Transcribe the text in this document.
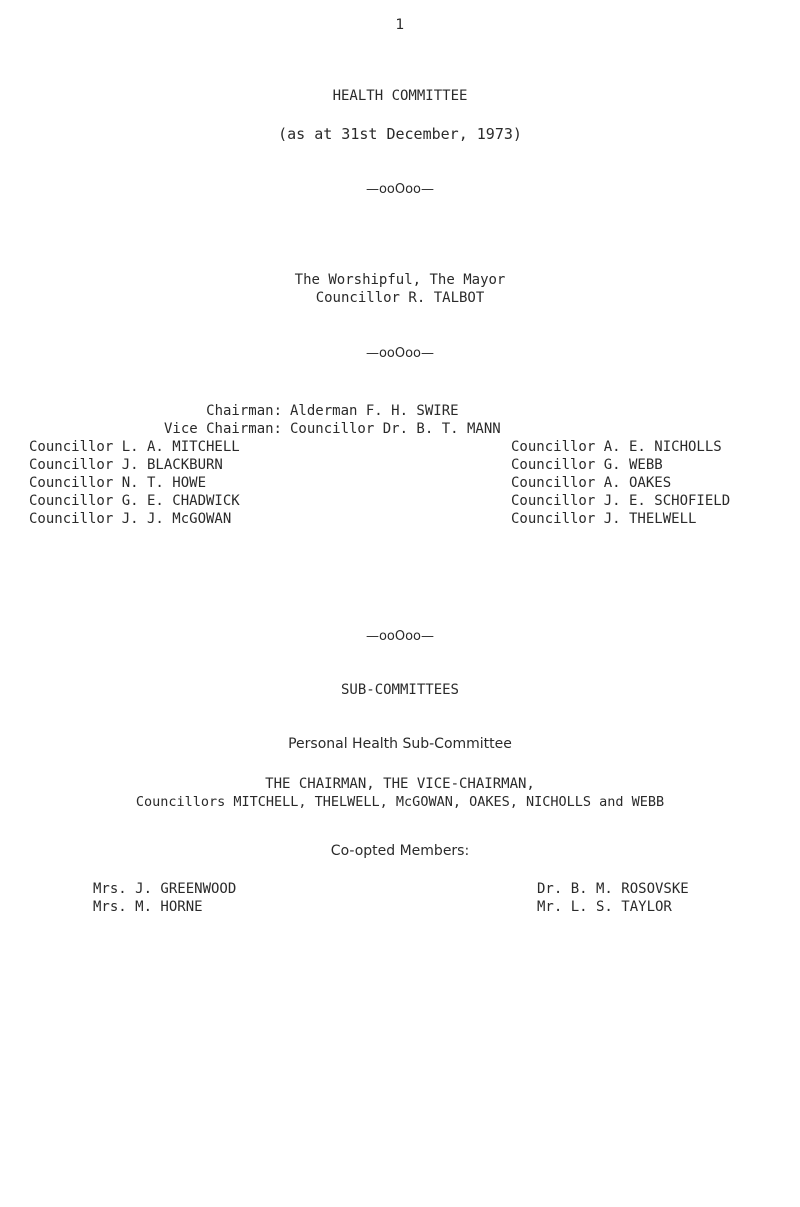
1
HEALTH COMMITTEE
(as at 31st December, 1973)
—ooOoo—
The Worshipful, The Mayor
Councillor R. TALBOT
—ooOoo—
Chairman: Alderman F. H. SWIRE
Vice Chairman: Councillor Dr. B. T. MANN
Councillor L. A. MITCHELL
Councillor J. BLACKBURN
Councillor N. T. HOWE
Councillor G. E. CHADWICK
Councillor J. J. McGOWAN
Councillor A. E. NICHOLLS
Councillor G. WEBB
Councillor A. OAKES
Councillor J. E. SCHOFIELD
Councillor J. THELWELL
—ooOoo—
SUB-COMMITTEES
Personal Health Sub-Committee
THE CHAIRMAN, THE VICE-CHAIRMAN,
Councillors MITCHELL, THELWELL, McGOWAN, OAKES, NICHOLLS and WEBB
Co-opted Members:
Mrs. J. GREENWOOD
Mrs. M. HORNE
Dr. B. M. ROSOVSKE
Mr. L. S. TAYLOR
